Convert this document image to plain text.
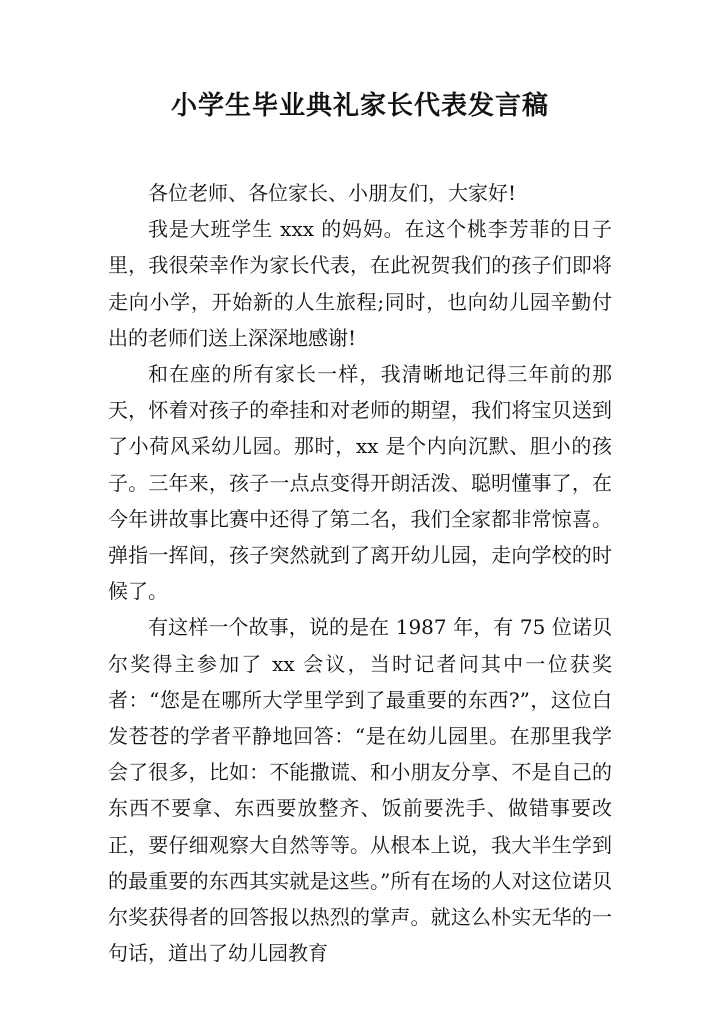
小学生毕业典礼家长代表发言稿

各位老师、各位家长、小朋友们，大家好!

我是大班学生 xxx 的妈妈。在这个桃李芳菲的日子里，我很荣幸作为家长代表，在此祝贺我们的孩子们即将走向小学，开始新的人生旅程;同时，也向幼儿园辛勤付出的老师们送上深深地感谢!

和在座的所有家长一样，我清晰地记得三年前的那天，怀着对孩子的牵挂和对老师的期望，我们将宝贝送到了小荷风采幼儿园。那时，xx 是个内向沉默、胆小的孩子。三年来，孩子一点点变得开朗活泼、聪明懂事了，在今年讲故事比赛中还得了第二名，我们全家都非常惊喜。弹指一挥间，孩子突然就到了离开幼儿园，走向学校的时候了。

有这样一个故事，说的是在 1987 年，有 75 位诺贝尔奖得主参加了 xx 会议，当时记者问其中一位获奖者：“您是在哪所大学里学到了最重要的东西?”，这位白发苍苍的学者平静地回答：“是在幼儿园里。在那里我学会了很多，比如：不能撒谎、和小朋友分享、不是自己的东西不要拿、东西要放整齐、饭前要洗手、做错事要改正，要仔细观察大自然等等。从根本上说，我大半生学到的最重要的东西其实就是这些。”所有在场的人对这位诺贝尔奖获得者的回答报以热烈的掌声。就这么朴实无华的一句话，道出了幼儿园教育
